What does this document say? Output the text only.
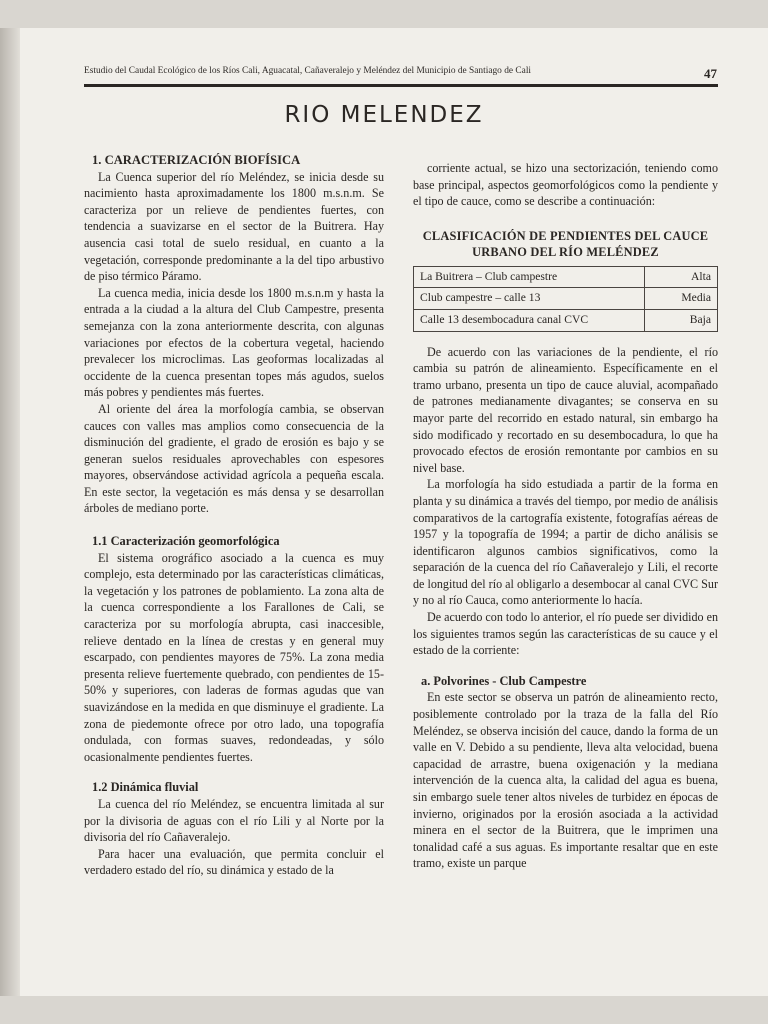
Estudio del Caudal Ecológico de los Ríos Cali, Aguacatal, Cañaveralejo y Meléndez del Municipio de Santiago de Cali	47
RIO MELENDEZ
1. CARACTERIZACIÓN BIOFÍSICA

La Cuenca superior del río Meléndez, se inicia desde su nacimiento hasta aproximadamente los 1800 m.s.n.m. Se caracteriza por un relieve de pendientes fuertes, con tendencia a suavizarse en el sector de la Buitrera. Hay ausencia casi total de suelo residual, en cuanto a la vegetación, corresponde predominante a la del tipo arbustivo de piso térmico Páramo.

La cuenca media, inicia desde los 1800 m.s.n.m y hasta la entrada a la ciudad a la altura del Club Campestre, presenta semejanza con la zona anteriormente descrita, con algunas variaciones por efectos de la cobertura vegetal, haciendo prevalecer los microclimas. Las geoformas localizadas al occidente de la cuenca presentan topes más agudos, suelos más pobres y pendientes más fuertes.

Al oriente del área la morfología cambia, se observan cauces con valles mas amplios como consecuencia de la disminución del gradiente, el grado de erosión es bajo y se generan suelos residuales aprovechables con espesores mayores, observándose actividad agrícola a pequeña escala. En este sector, la vegetación es más densa y se desarrollan árboles de mediano porte.

1.1 Caracterización geomorfológica

El sistema orográfico asociado a la cuenca es muy complejo, esta determinado por las características climáticas, la vegetación y los patrones de poblamiento. La zona alta de la cuenca correspondiente a los Farallones de Cali, se caracteriza por su morfología abrupta, casi inaccesible, relieve dentado en la línea de crestas y en general muy escarpado, con pendientes mayores de 75%. La zona media presenta relieve fuertemente quebrado, con pendientes de 15-50% y superiores, con laderas de formas agudas que van suavizándose en la medida en que disminuye el gradiente. La zona de piedemonte ofrece por otro lado, una topografía ondulada, con formas suaves, redondeadas, y sólo ocasionalmente pendientes fuertes.

1.2 Dinámica fluvial

La cuenca del río Meléndez, se encuentra limitada al sur por la divisoria de aguas con el río Lili y al Norte por la divisoria del río Cañaveralejo.

Para hacer una evaluación, que permita concluir el verdadero estado del río, su dinámica y estado de la

corriente actual, se hizo una sectorización, teniendo como base principal, aspectos geomorfológicos como la pendiente y el tipo de cauce, como se describe a continuación:

CLASIFICACIÓN DE PENDIENTES DEL CAUCE
URBANO DEL RÍO MELÉNDEZ
La Buitrera – Club campestre	Alta
Club campestre – calle 13	Media
Calle 13 desembocadura canal CVC	Baja

De acuerdo con las variaciones de la pendiente, el río cambia su patrón de alineamiento. Específicamente en el tramo urbano, presenta un tipo de cauce aluvial, acompañado de patrones medianamente divagantes; se conserva en su mayor parte del recorrido en estado natural, sin embargo ha sido modificado y recortado en su desembocadura, lo que ha provocado efectos de erosión remontante por cambios en su nivel base.

La morfología ha sido estudiada a partir de la forma en planta y su dinámica a través del tiempo, por medio de análisis comparativos de la cartografía existente, fotografías aéreas de 1957 y la topografía de 1994; a partir de dicho análisis se identificaron algunos cambios significativos, como la separación de la cuenca del río Cañaveralejo y Lili, el recorte de longitud del río al obligarlo a desembocar al canal CVC Sur y no al río Cauca, como anteriormente lo hacía.

De acuerdo con todo lo anterior, el río puede ser dividido en los siguientes tramos según las características de su cauce y el estado de la corriente:

a. Polvorines - Club Campestre

En este sector se observa un patrón de alineamiento recto, posiblemente controlado por la traza de la falla del Río Meléndez, se observa incisión del cauce, dando la forma de un valle en V. Debido a su pendiente, lleva alta velocidad, buena capacidad de arrastre, buena oxigenación y la mediana intervención de la cuenca alta, la calidad del agua es buena, sin embargo suele tener altos niveles de turbidez en épocas de invierno, originados por la erosión asociada a la actividad minera en el sector de la Buitrera, que le imprimen una tonalidad café a sus aguas. Es importante resaltar que en este tramo, existe un parque
